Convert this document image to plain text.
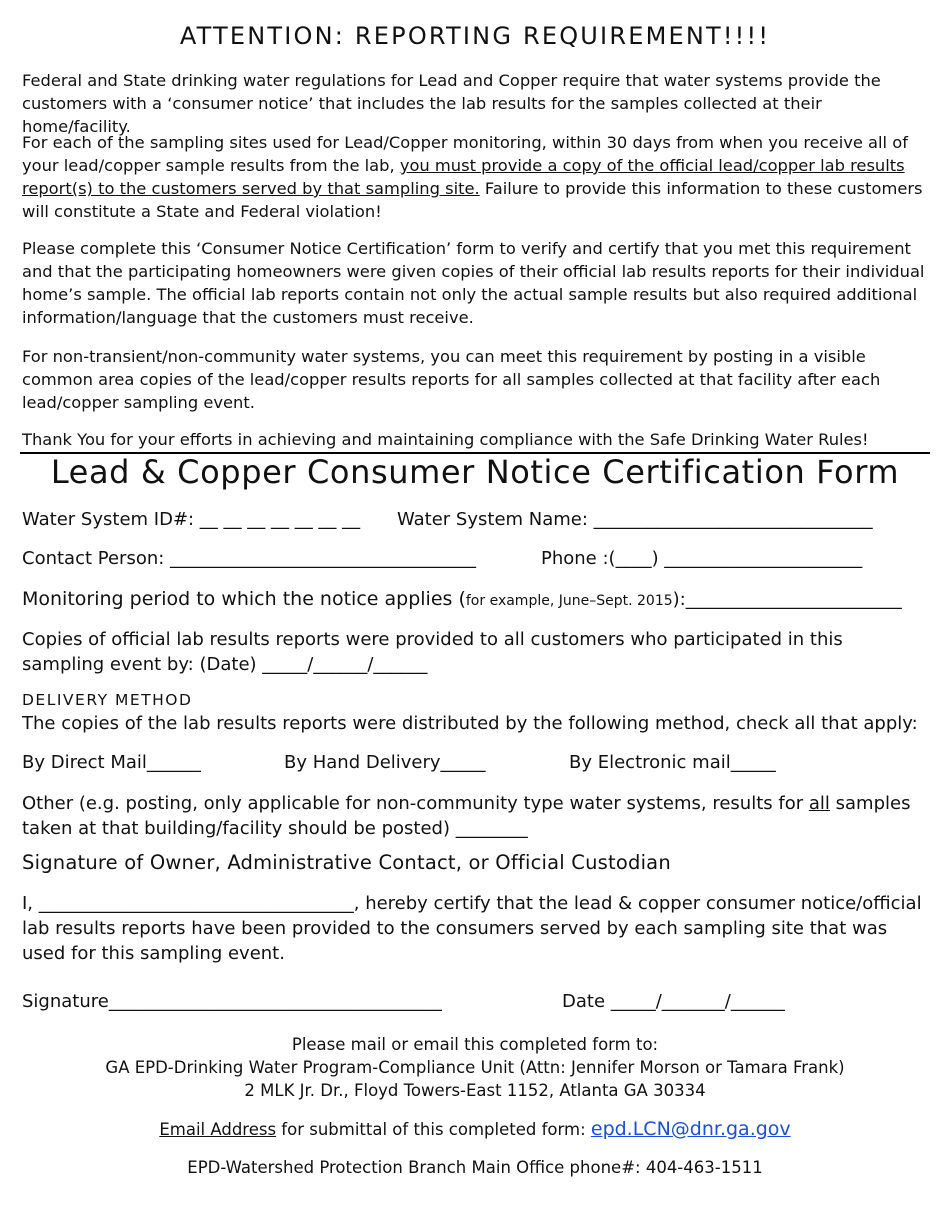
ATTENTION: REPORTING REQUIREMENT!!!!

Federal and State drinking water regulations for Lead and Copper require that water systems provide the customers with a ‘consumer notice’ that includes the lab results for the samples collected at their home/facility.

For each of the sampling sites used for Lead/Copper monitoring, within 30 days from when you receive all of your lead/copper sample results from the lab, you must provide a copy of the official lead/copper lab results report(s) to the customers served by that sampling site. Failure to provide this information to these customers will constitute a State and Federal violation!

Please complete this ‘Consumer Notice Certification’ form to verify and certify that you met this requirement and that the participating homeowners were given copies of their official lab results reports for their individual home’s sample. The official lab reports contain not only the actual sample results but also required additional information/language that the customers must receive.

For non-transient/non-community water systems, you can meet this requirement by posting in a visible common area copies of the lead/copper results reports for all samples collected at that facility after each lead/copper sampling event.

Thank You for your efforts in achieving and maintaining compliance with the Safe Drinking Water Rules!

Lead & Copper Consumer Notice Certification Form
Water System ID#: __ __ __ __ __ __ __ Water System Name: _______________________________
Contact Person: __________________________________	Phone :(____) ______________________
Monitoring period to which the notice applies (for example, June–Sept. 2015):________________________
Copies of official lab results reports were provided to all customers who participated in this sampling event by: (Date) _____/______/______
DELIVERY METHOD
The copies of the lab results reports were distributed by the following method, check all that apply:
By Direct Mail______	By Hand Delivery_____	By Electronic mail_____
Other (e.g. posting, only applicable for non-community type water systems, results for all samples taken at that building/facility should be posted) ________
Signature of Owner, Administrative Contact, or Official Custodian
I, ___________________________________, hereby certify that the lead & copper consumer notice/official lab results reports have been provided to the consumers served by each sampling site that was used for this sampling event.
Signature_____________________________________	Date _____/_______/______
Please mail or email this completed form to:
GA EPD-Drinking Water Program-Compliance Unit (Attn: Jennifer Morson or Tamara Frank)
2 MLK Jr. Dr., Floyd Towers-East 1152, Atlanta GA 30334
Email Address for submittal of this completed form: epd.LCN@dnr.ga.gov
EPD-Watershed Protection Branch Main Office phone#: 404-463-1511
